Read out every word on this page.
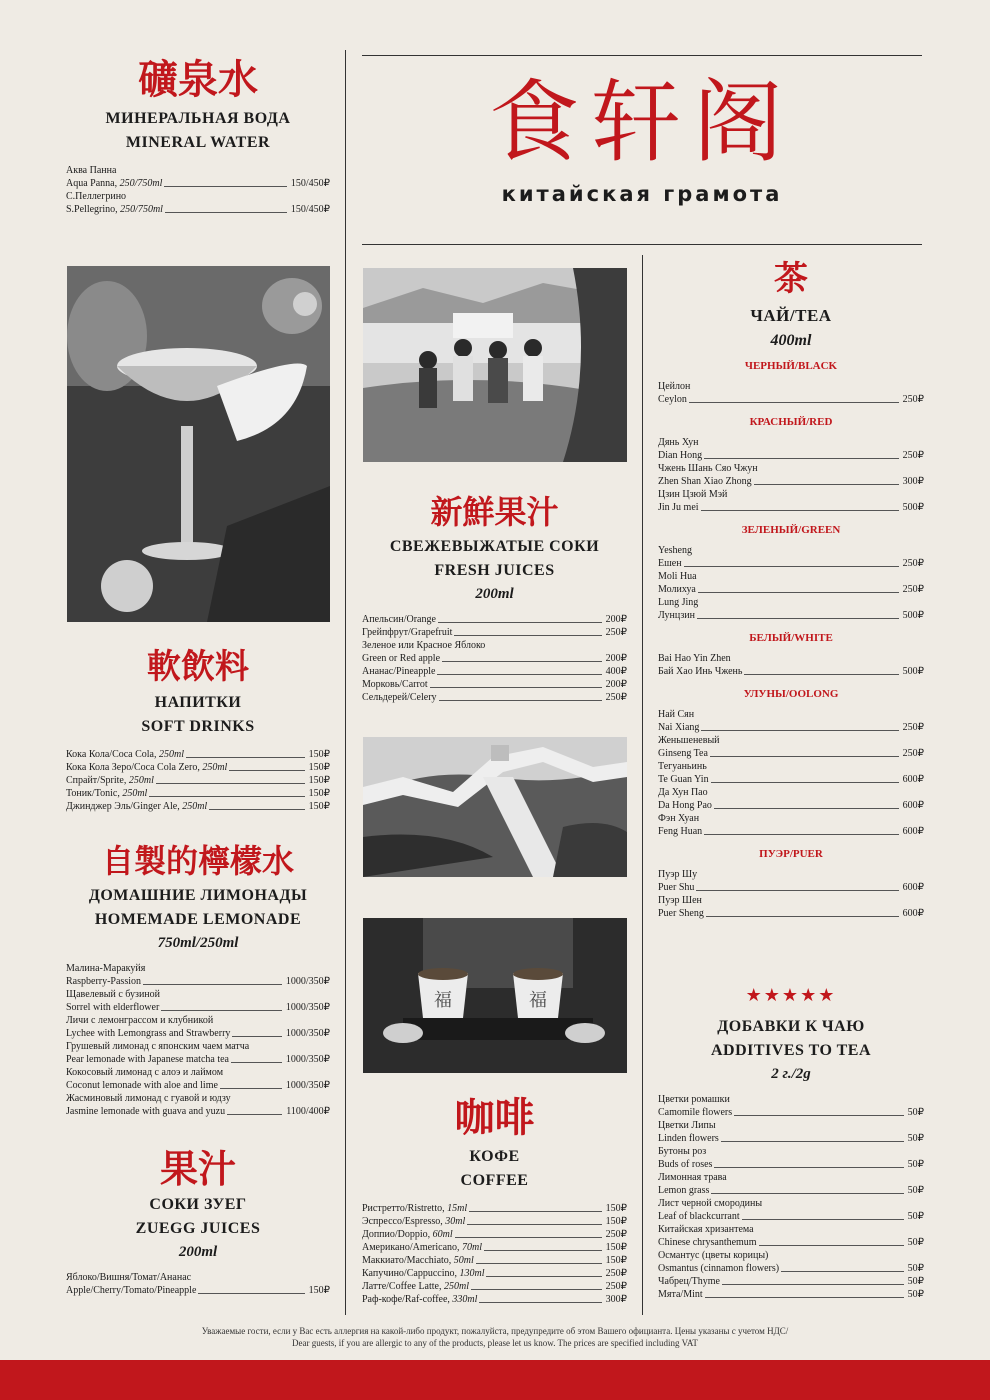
礦泉水
МИНЕРАЛЬНАЯ ВОДА
MINERAL WATER
Аква Панна
Aqua Panna, 250/750ml	150/450₽
С.Пеллегрино
S.Pellegrino, 250/750ml	150/450₽
軟飲料
НАПИТКИ
SOFT DRINKS
Кока Кола/Coca Cola, 250ml	150₽
Кока Кола Зеро/Coca Cola Zero, 250ml	150₽
Спрайт/Sprite, 250ml	150₽
Тоник/Tonic, 250ml	150₽
Джинджер Эль/Ginger Ale, 250ml	150₽
自製的檸檬水
ДОМАШНИЕ ЛИМОНАДЫ
HOMEMADE LEMONADE
750ml/250ml
Малина-Маракуйя
Raspberry-Passion	1000/350₽
Щавелевый с бузиной
Sorrel with elderflower	1000/350₽
Личи с лемонграссом и клубникой
Lychee with Lemongrass and Strawberry	1000/350₽
Грушевый лимонад с японским чаем матча
Pear lemonade with Japanese matcha tea	1000/350₽
Кокосовый лимонад с алоэ и лаймом
Coconut lemonade with aloe and lime	1000/350₽
Жасминовый лимонад с гуавой и юдзу
Jasmine lemonade with guava and yuzu	1100/400₽
果汁
СОКИ ЗУЕГ
ZUEGG JUICES
200ml
Яблоко/Вишня/Томат/Ананас
Apple/Cherry/Tomato/Pineapple	150₽
食轩阁
китайская грамота
新鮮果汁
СВЕЖЕВЫЖАТЫЕ СОКИ
FRESH JUICES
200ml
Апельсин/Orange	200₽
Грейпфрут/Grapefruit	250₽
Зеленое или Красное Яблоко
Green or Red apple	200₽
Ананас/Pineapple	400₽
Морковь/Carrot	200₽
Сельдерей/Celery	250₽
福	福
咖啡
КОФЕ
COFFEE
Ристретто/Ristretto, 15ml	150₽
Эспрессо/Espresso, 30ml	150₽
Доппио/Doppio, 60ml	250₽
Американо/Americano, 70ml	150₽
Маккиато/Macchiato, 50ml	150₽
Капучино/Cappuccino, 130ml	250₽
Латте/Coffee Latte, 250ml	250₽
Раф-кофе/Raf-coffee, 330ml	300₽
茶
ЧАЙ/TEA
400ml
ЧЕРНЫЙ/BLACK
Цейлон
Ceylon	250₽
КРАСНЫЙ/RED
Дянь Хун
Dian Hong	250₽
Чжень Шань Сяо Чжун
Zhen Shan Xiao Zhong	300₽
Цзин Цзюй Мэй
Jin Ju mei	500₽
ЗЕЛЕНЫЙ/GREEN
Yesheng
Ешен	250₽
Moli Hua
Молихуа	250₽
Lung Jing
Лунцзин	500₽
БЕЛЫЙ/WHITE
Bai Hao Yin Zhen
Бай Хао Инь Чжень	500₽
УЛУНЫ/OOLONG
Най Сян
Nai Xiang	250₽
Женьшеневый
Ginseng Tea	250₽
Тегуаньинь
Te Guan Yin	600₽
Да Хун Пао
Da Hong Pao	600₽
Фэн Хуан
Feng Huan	600₽
ПУЭР/PUER
Пуэр Шу
Puer Shu	600₽
Пуэр Шен
Puer Sheng	600₽
★★★★★
ДОБАВКИ К ЧАЮ
ADDITIVES TO TEA
2 г./2g
Цветки ромашки
Camomile flowers	50₽
Цветки Липы
Linden flowers	50₽
Бутоны роз
Buds of roses	50₽
Лимонная трава
Lemon grass	50₽
Лист черной смородины
Leaf of blackcurrant	50₽
Китайская хризантема
Chinese chrysanthemum	50₽
Османтус (цветы корицы)
Osmantus (cinnamon flowers)	50₽
Чабрец/Thyme	50₽
Мята/Mint	50₽
Уважаемые гости, если у Вас есть аллергия на какой-либо продукт, пожалуйста, предупредите об этом Вашего официанта. Цены указаны с учетом НДС/
Dear guests, if you are allergic to any of the products, please let us know. The prices are specified including VAT
